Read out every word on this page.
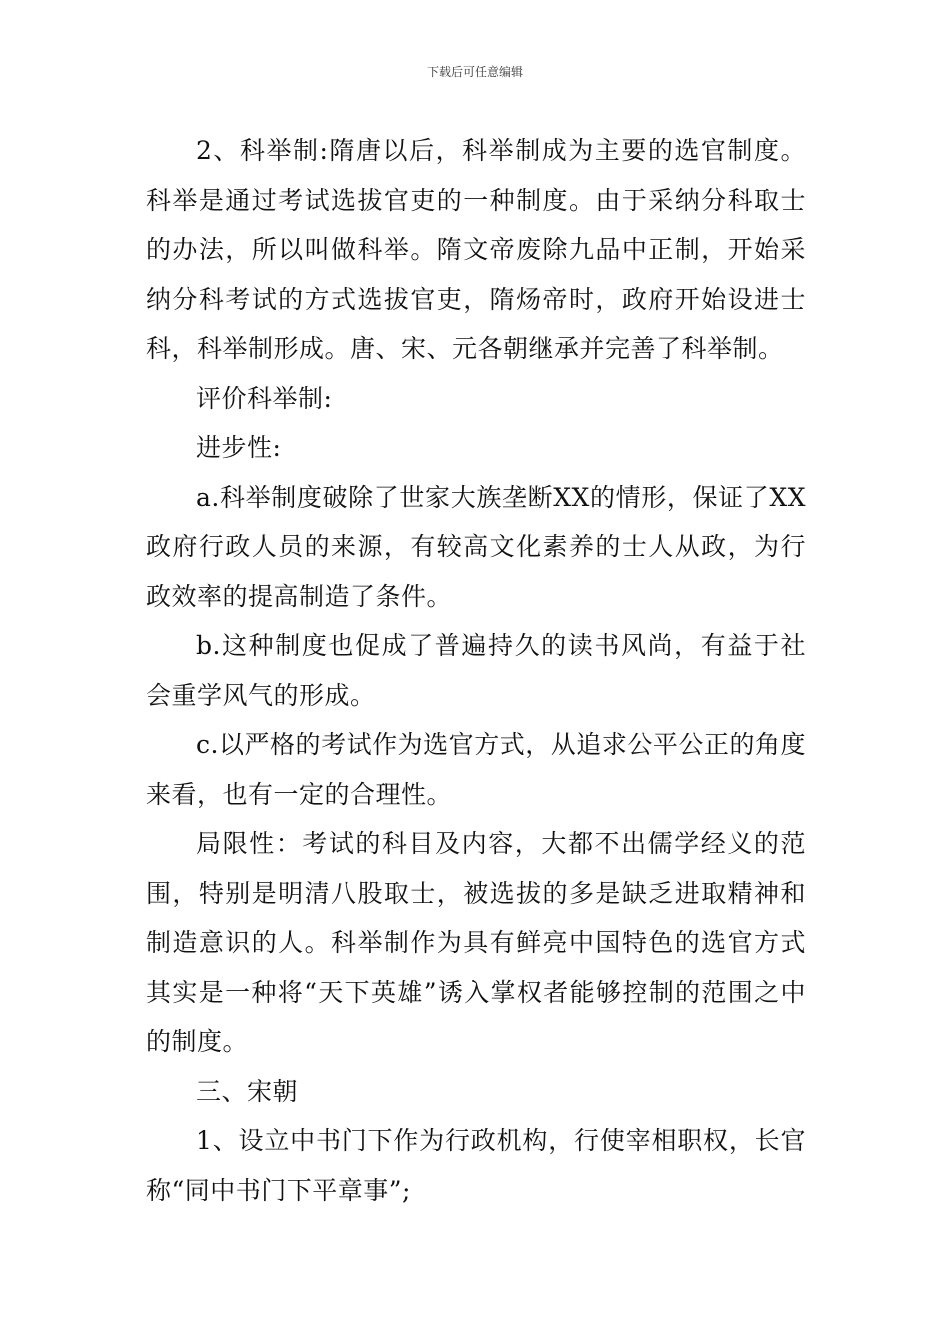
下载后可任意编辑

2、科举制:隋唐以后，科举制成为主要的选官制度。科举是通过考试选拔官吏的一种制度。由于采纳分科取士的办法，所以叫做科举。隋文帝废除九品中正制，开始采纳分科考试的方式选拔官吏，隋炀帝时，政府开始设进士科，科举制形成。唐、宋、元各朝继承并完善了科举制。

评价科举制:

进步性:

a.科举制度破除了世家大族垄断XX的情形，保证了XX政府行政人员的来源，有较高文化素养的士人从政，为行政效率的提高制造了条件。

b.这种制度也促成了普遍持久的读书风尚，有益于社会重学风气的形成。

c.以严格的考试作为选官方式，从追求公平公正的角度来看，也有一定的合理性。

局限性：考试的科目及内容，大都不出儒学经义的范围，特别是明清八股取士，被选拔的多是缺乏进取精神和制造意识的人。科举制作为具有鲜亮中国特色的选官方式其实是一种将“天下英雄”诱入掌权者能够控制的范围之中的制度。

三、宋朝

1、设立中书门下作为行政机构，行使宰相职权，长官称“同中书门下平章事”;
